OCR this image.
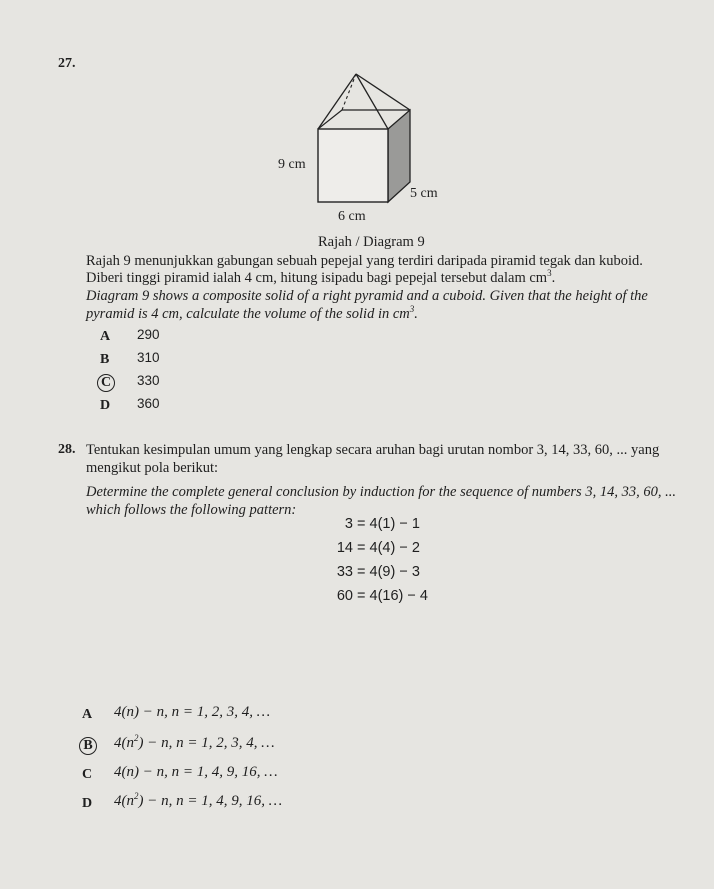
27.
9 cm
5 cm
6 cm
Rajah / Diagram 9
Rajah 9 menunjukkan gabungan sebuah pepejal yang terdiri daripada piramid tegak dan kuboid.
Diberi tinggi piramid ialah 4 cm, hitung isipadu bagi pepejal tersebut dalam $cm^3$.
Diagram 9 shows a composite solid of a right pyramid and a cuboid. Given that the height of the
pyramid is 4 cm, calculate the volume of the solid in $cm^3$.
A 290
B 310
C 330
D 360
28. Tentukan kesimpulan umum yang lengkap secara aruhan bagi urutan nombor 3, 14, 33, 60, ... yang
mengikut pola berikut:
Determine the complete general conclusion by induction for the sequence of numbers 3, 14, 33, 60, ...
which follows the following pattern:
3 = 4(1) − 1
14 = 4(4) − 2
33 = 4(9) − 3
60 = 4(16) − 4
A 4(n) − n, n = 1, 2, 3, 4, …
B $4(n^2) - n$, n = 1, 2, 3, 4, …
C 4(n) − n, n = 1, 4, 9, 16, …
D $4(n^2) - n$, n = 1, 4, 9, 16, …
